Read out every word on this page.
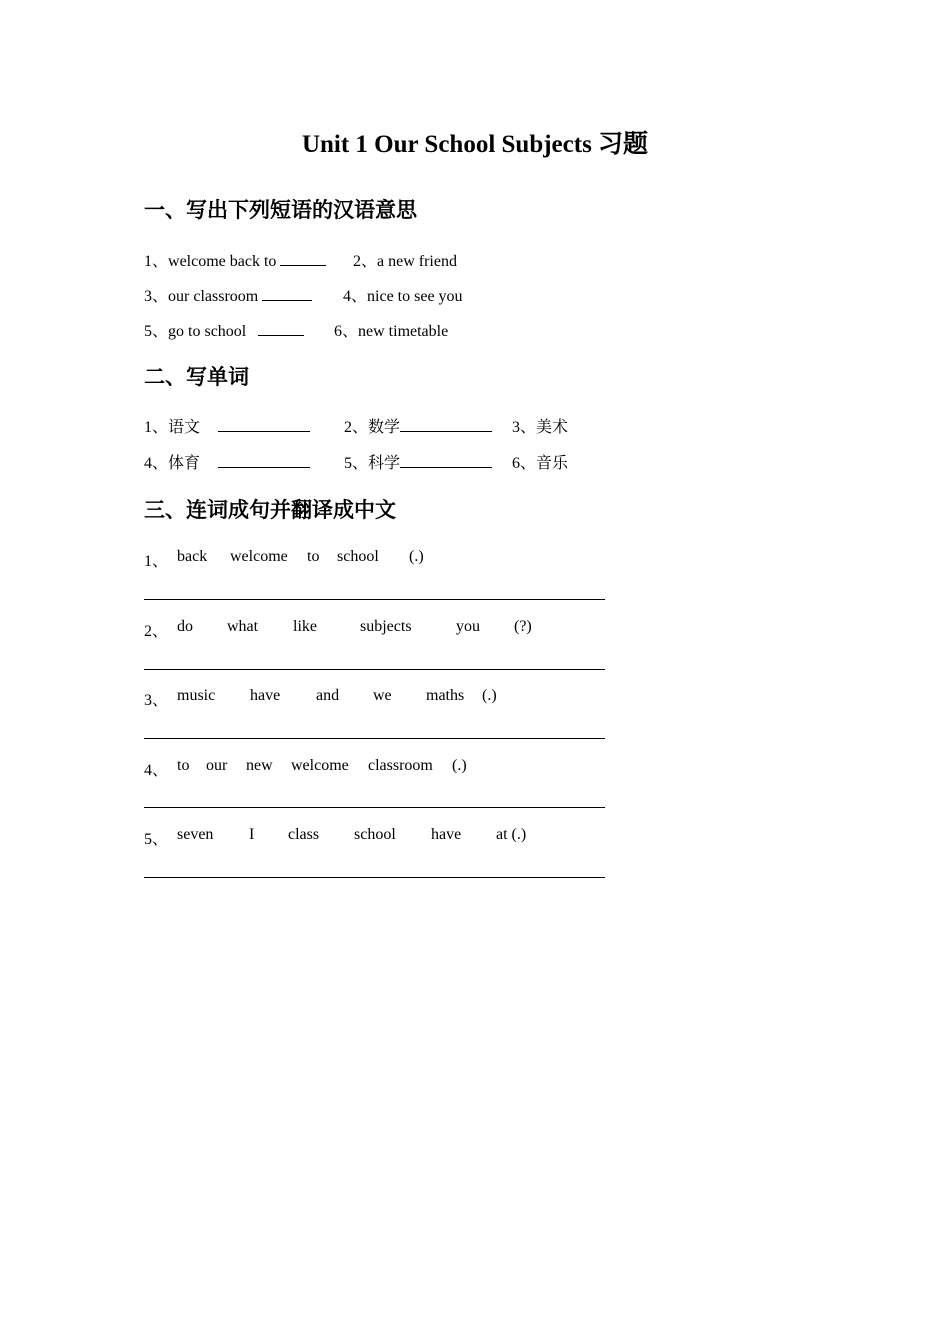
Unit 1 Our School Subjects 习题
一、写出下列短语的汉语意思
1、welcome back to	2、a new friend
3、our classroom	4、nice to see you
5、go to school	6、new timetable
二、写单词
1、语文	2、数学	3、美术
4、体育	5、科学	6、音乐
三、连词成句并翻译成中文
1、 back welcome to school (.)
2、 do what like	subjects	you (?)
3、 music have and we maths (.)
4、 to our new welcome classroom (.)
5、 seven I class school have at (.)
